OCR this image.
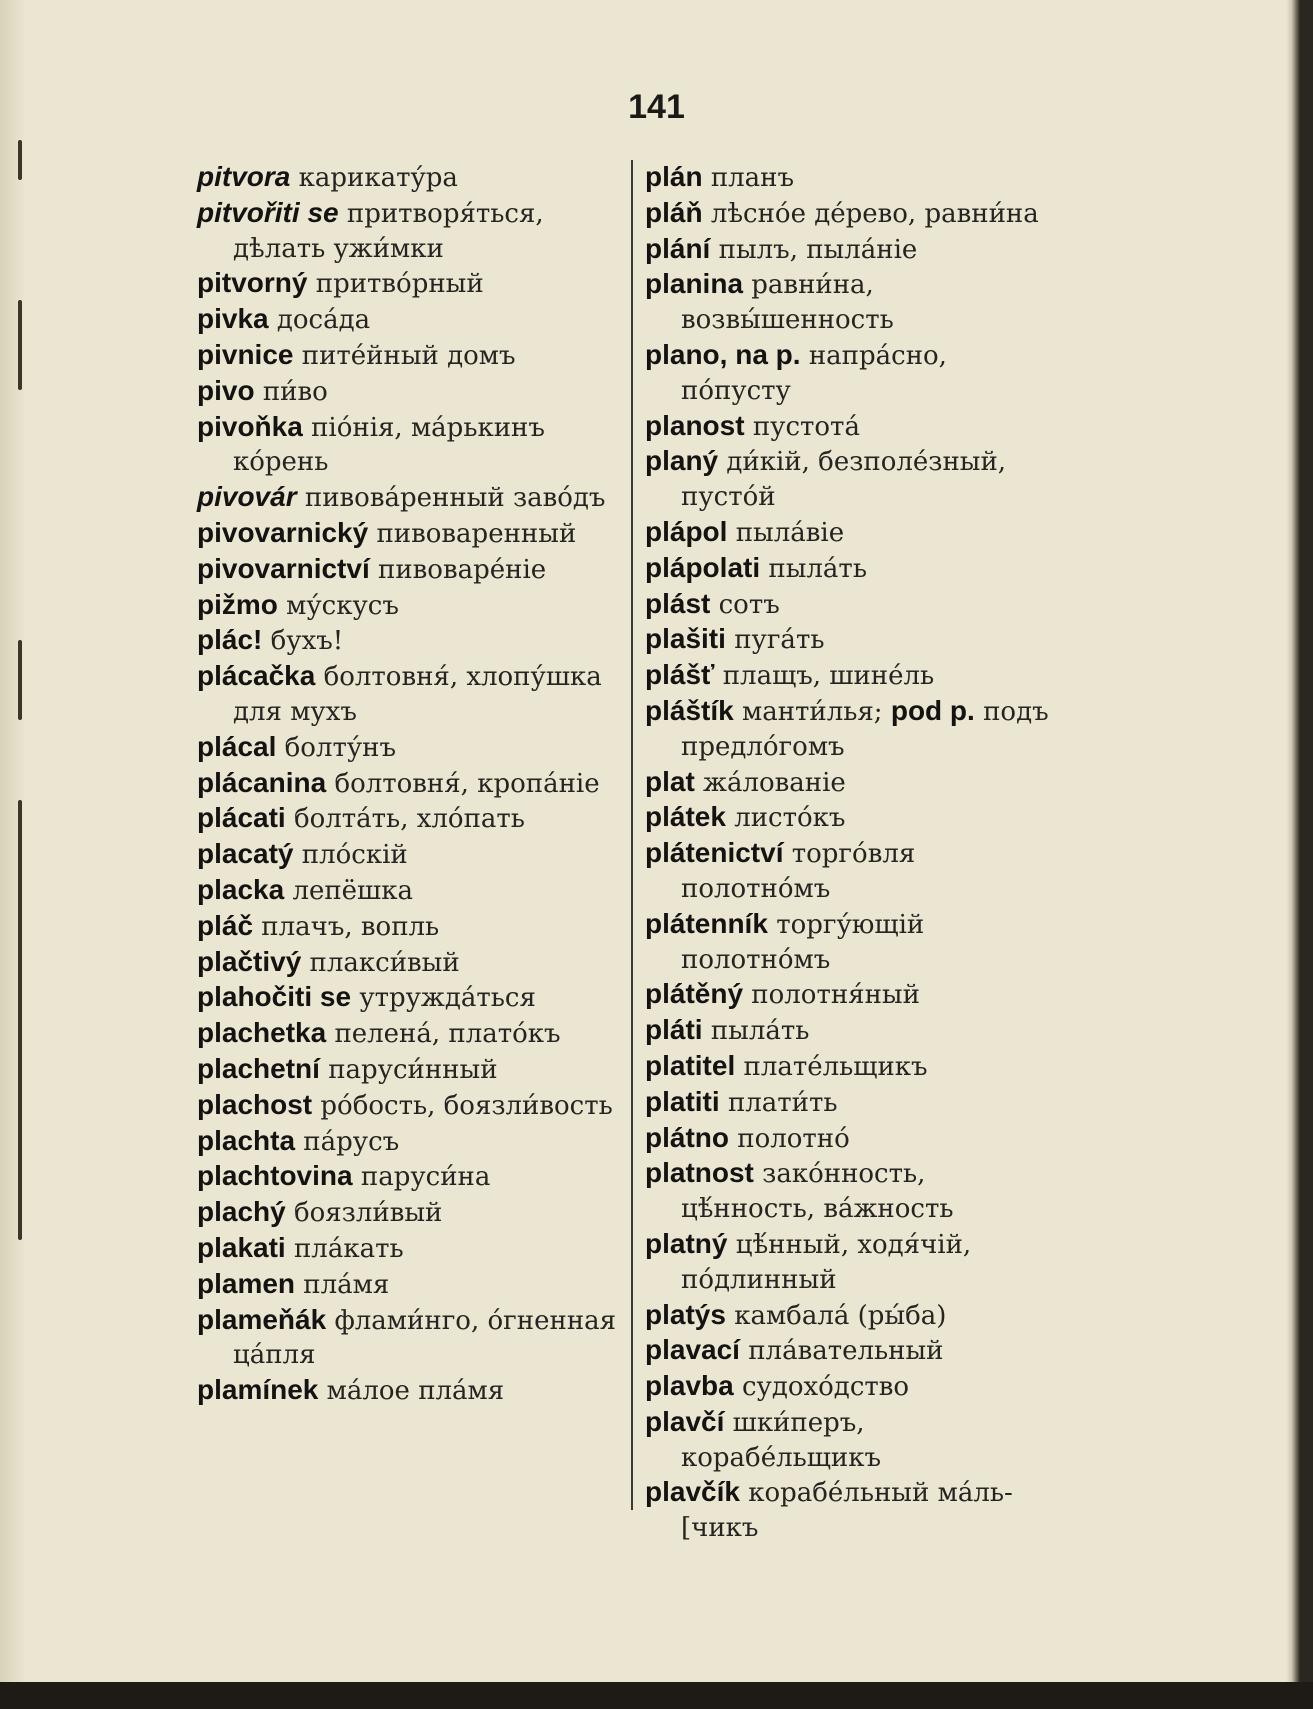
141

pitvora карикату́ра

pitvořiti se притворя́ться, дѣлать ужи́мки

pitvorný притво́рный

pivka доса́да

pivnice пите́йный домъ

pivo пи́во

pivoňka піо́нія, ма́рькинъ ко́рень

pivovár пивова́ренный заво́дъ

pivovarnický пивоваренный

pivovarnictví пивоваре́ніе

pižmo му́скусъ

plác! бухъ!

plácačka болтовня́, хлопу́шка для мухъ

plácal болту́нъ

plácanina болтовня́, кропа́ніе

plácati болта́ть, хло́пать

placatý пло́скій

placka лепёшка

pláč плачъ, вопль

plačtivý плакси́вый

plahočiti se утружда́ться

plachetka пелена́, плато́къ

plachetní паруси́нный

plachost ро́бость, боязли́вость

plachta па́русъ

plachtovina паруси́на

plachý боязли́вый

plakati пла́кать

plamen пла́мя

plameňák флами́нго, о́гненная ца́пля

plamínek ма́лое пла́мя

plán планъ

pláň лѣсно́е де́рево, равни́на

plání пылъ, пыла́ніе

planina равни́на, возвы́шенность

plano, na p. напра́сно, по́пусту

planost пустота́

planý ди́кій, безполе́зный, пусто́й

plápol пыла́віе

plápolati пыла́ть

plást сотъ

plašiti пуга́ть

plášť плащъ, шине́ль

pláštík манти́лья; pod p. подъ предло́гомъ

plat жа́лованіе

plátek листо́къ

plátenictví торго́вля полотно́мъ

plátenník торгу́ющій полотно́мъ

plátěný полотня́ный

pláti пыла́ть

platitel плате́льщикъ

platiti плати́ть

plátno полотно́

platnost зако́нность, цѣ́нность, ва́жность

platný цѣ́нный, ходя́чій, по́длинный

platýs камбала́ (ры́ба)

plavací пла́вательный

plavba судохо́дство

plavčí шки́перъ, корабе́льщикъ

plavčík корабе́льный ма́ль- [чикъ
